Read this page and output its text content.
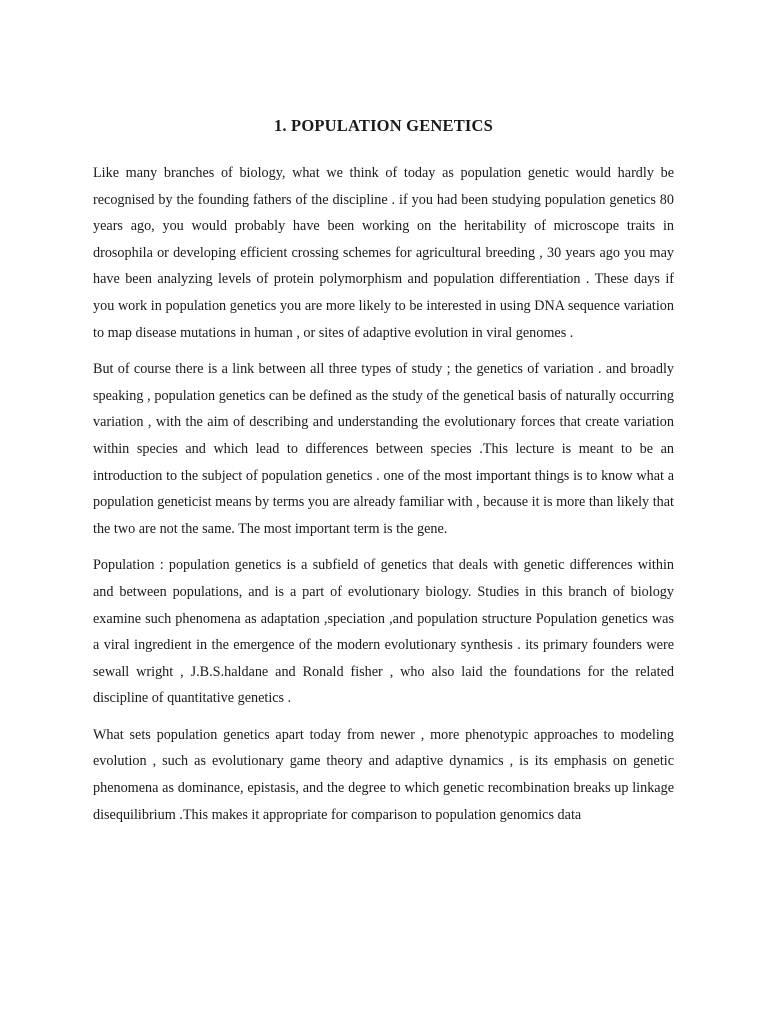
1. POPULATION GENETICS

Like many branches of biology, what we think of today as population genetic would hardly be recognised by the founding fathers of the discipline . if you had been studying population genetics 80 years ago, you would probably have been working on the heritability of microscope traits in drosophila or developing efficient crossing schemes for agricultural breeding , 30 years ago you may have been analyzing levels of protein polymorphism and population differentiation . These days if you work in population genetics you are more likely to be interested in using DNA sequence variation to map disease mutations in human , or sites of adaptive evolution in viral genomes .

But of course there is a link between all three types of study ; the genetics of variation . and broadly speaking , population genetics can be defined as the study of the genetical basis of naturally occurring variation , with the aim of describing and understanding the evolutionary forces that create variation within species and which lead to differences between species .This lecture is meant to be an introduction to the subject of population genetics . one of the most important things is to know what a population geneticist means by terms you are already familiar with , because it is more than likely that the two are not the same. The most important term is the gene.

Population : population genetics is a subfield of genetics that deals with genetic differences within and between populations, and is a part of evolutionary biology. Studies in this branch of biology examine such phenomena as adaptation ,speciation ,and population structure Population genetics was a viral ingredient in the emergence of the modern evolutionary synthesis . its primary founders were sewall wright , J.B.S.haldane and Ronald fisher , who also laid the foundations for the related discipline of quantitative genetics .

What sets population genetics apart today from newer , more phenotypic approaches to modeling evolution , such as evolutionary game theory and adaptive dynamics , is its emphasis on genetic phenomena as dominance, epistasis, and the degree to which genetic recombination breaks up linkage disequilibrium .This makes it appropriate for comparison to population genomics data
